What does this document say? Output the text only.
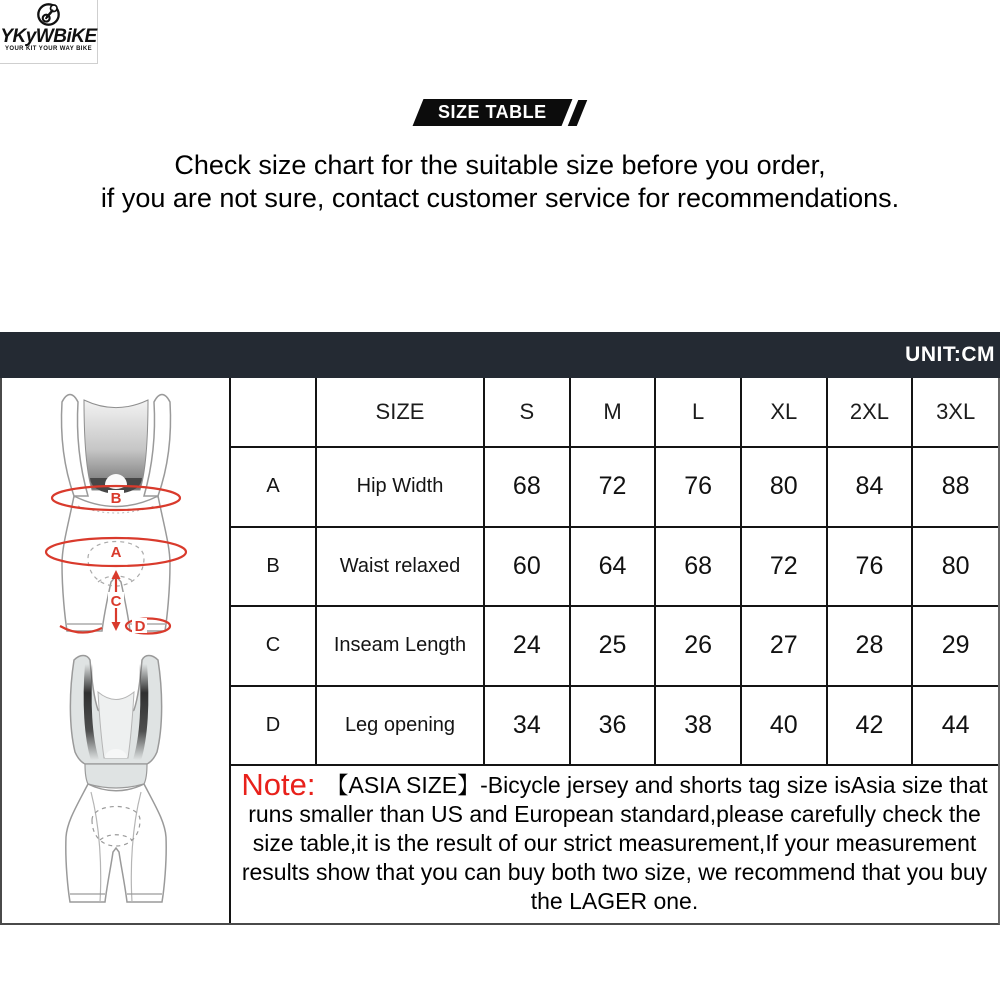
YKyWBiKE
YOUR KIT YOUR WAY BIKE
SIZE TABLE
Check size chart for the suitable size before you order,
if you are not sure, contact customer service for recommendations.
UNIT:CM
B
A
C
D
	SIZE	S	M	L	XL	2XL	3XL
A	Hip Width	68	72	76	80	84	88
B	Waist relaxed	60	64	68	72	76	80
C	Inseam Length	24	25	26	27	28	29
D	Leg opening	34	36	38	40	42	44
Note: 【ASIA SIZE】-Bicycle jersey and shorts tag size isAsia size that runs smaller than US and European standard,please carefully check the size table,it is the result of our strict measurement,If your measurement results show that you can buy both two size, we recommend that you buy the LAGER one.
